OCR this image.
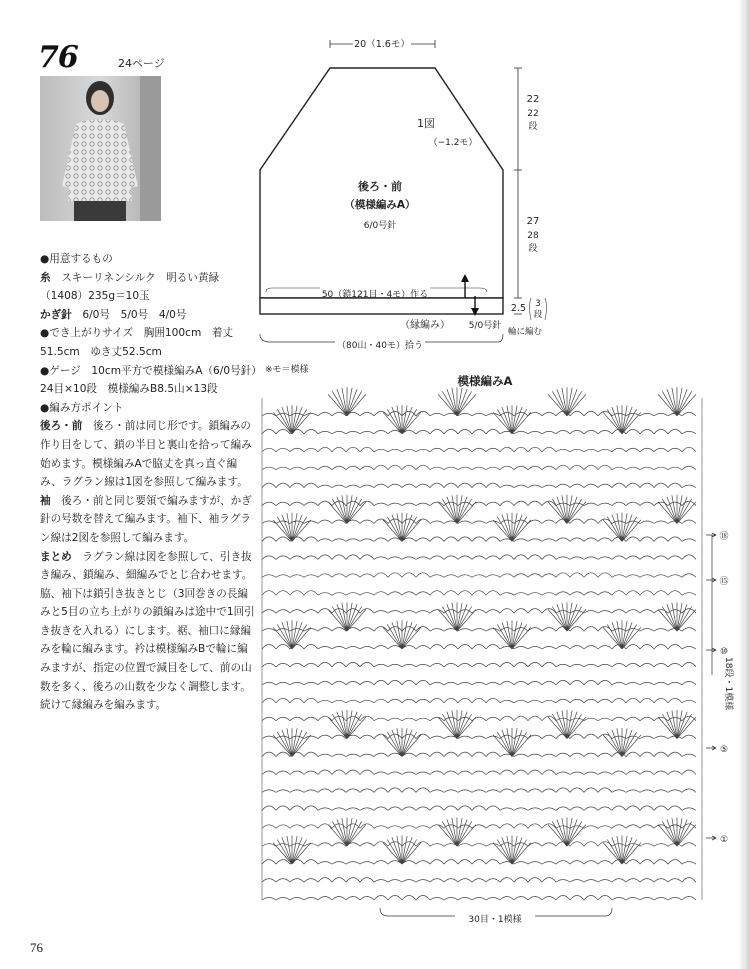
76	24ページ

●用意するもの

糸　 スキーリネンシルク　明るい黄緑（1408）235g＝10玉

かぎ針　 6/0号　5/0号　4/0号

●でき上がりサイズ　 胸囲100cm　着丈51.5cm　ゆき丈52.5cm

●ゲージ　 10cm平方で模様編みA（6/0号針）24目×10段　模様編みB8.5山×13段

●編み方ポイント

後ろ・前　 後ろ・前は同じ形です。鎖編みの作り目をして、鎖の半目と裏山を拾って編み始めます。模様編みAで脇丈を真っ直ぐ編み、ラグラン線は1図を参照して編みます。

袖　 後ろ・前と同じ要領で編みますが、かぎ針の号数を替えて編みます。袖下、袖ラグラン線は2図を参照して編みます。

まとめ　 ラグラン線は図を参照して、引き抜き編み、鎖編み、細編みでとじ合わせます。脇、袖下は鎖引き抜きとじ（3回巻きの長編みと5目の立ち上がりの鎖編みは途中で1回引き抜きを入れる）にします。裾、袖口に縁編みを輪に編みます。衿は模様編みBで輪に編みますが、指定の位置で減目をして、前の山数を多く、後ろの山数を少なく調整します。続けて縁編みを編みます。

20（1.6モ）
1図
（−1.2モ）
後ろ・前
（模様編みA）
6/0号針
22
22
段
27
28
段
50（鎖121目・4モ）作る
2.5 3
段
（縁編み） 5/0号針
輪に編む
（80山・40モ）拾う
※モ＝模様
模様編みA
⑱
⑮
⑩
⑤
①
18段・1模様
30目・1模様
76
